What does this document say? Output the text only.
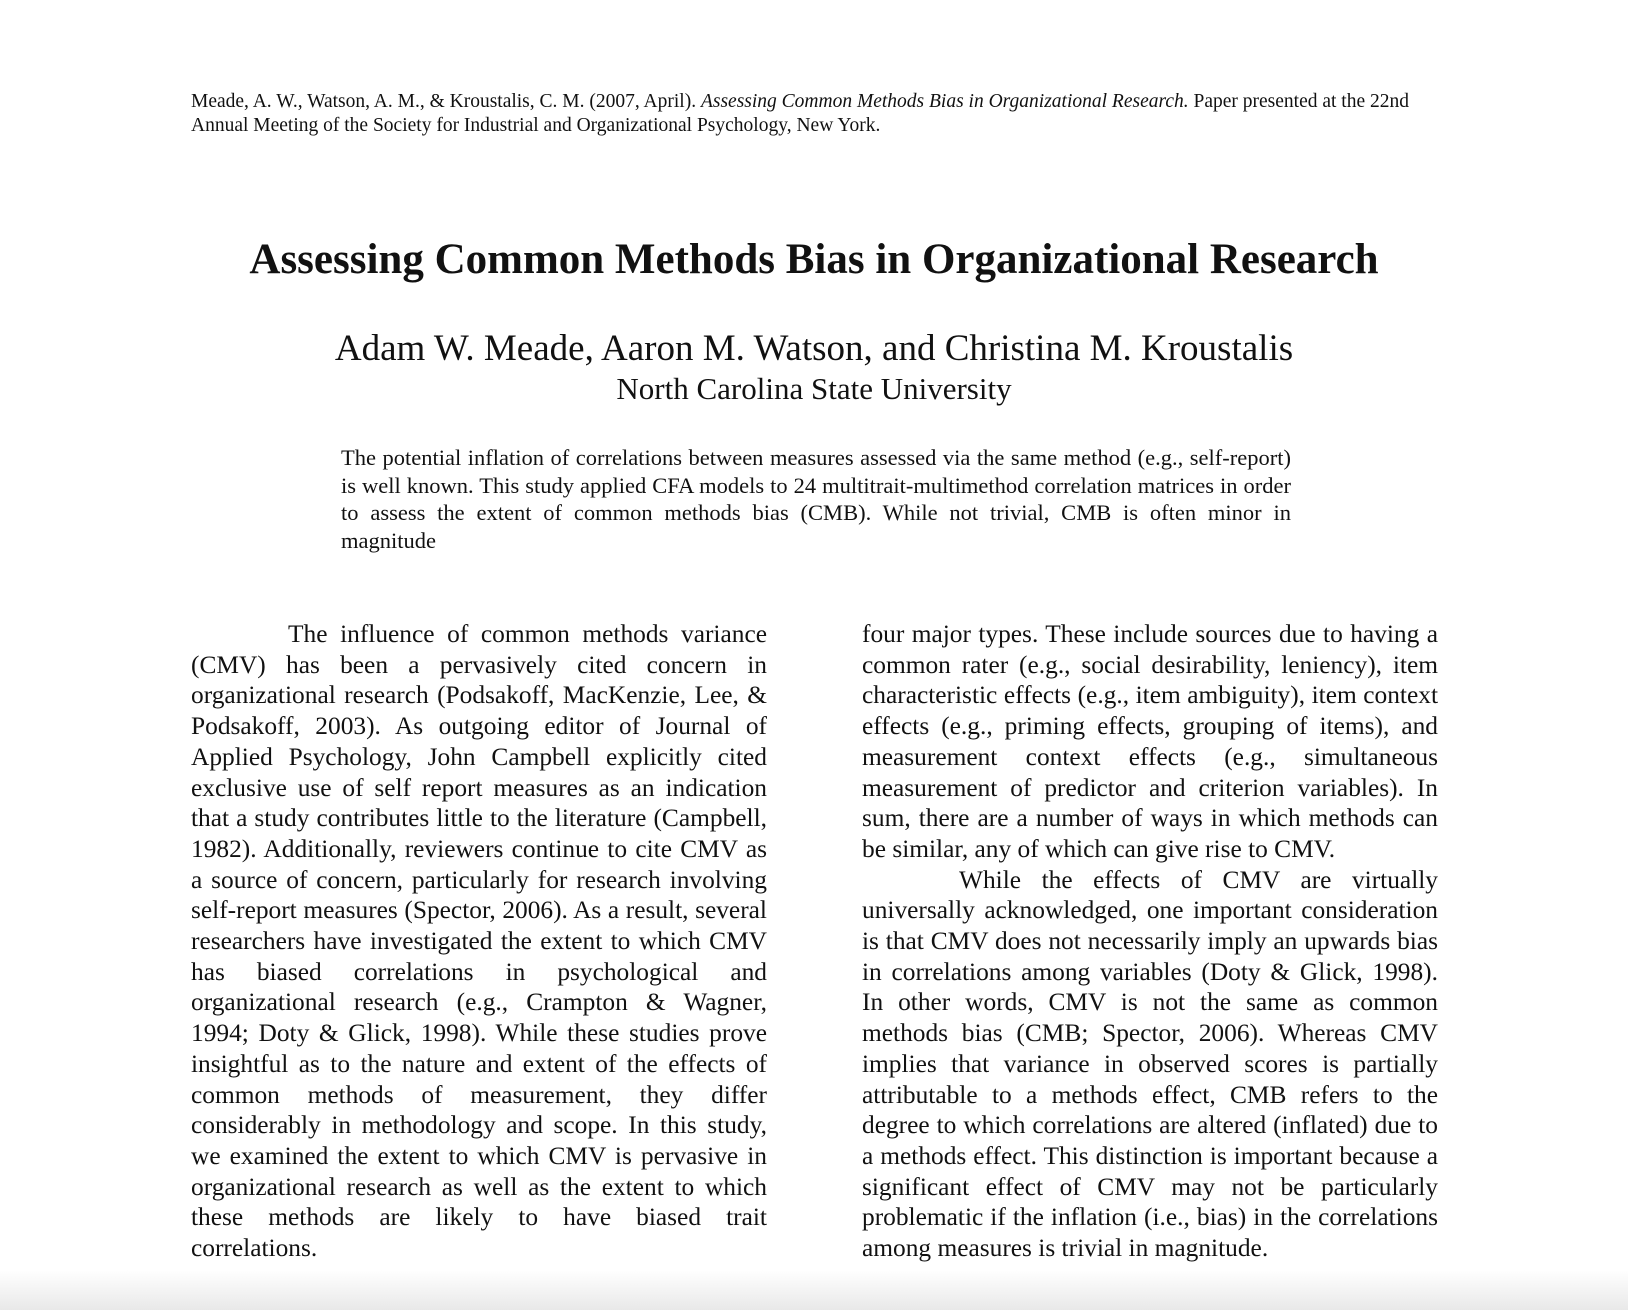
Meade, A. W., Watson, A. M., & Kroustalis, C. M. (2007, April). Assessing Common Methods Bias in Organizational Research. Paper presented at the 22nd Annual Meeting of the Society for Industrial and Organizational Psychology, New York.
Assessing Common Methods Bias in Organizational Research
Adam W. Meade, Aaron M. Watson, and Christina M. Kroustalis
North Carolina State University
The potential inflation of correlations between measures assessed via the same method (e.g., self-report) is well known. This study applied CFA models to 24 multitrait-multimethod correlation matrices in order to assess the extent of common methods bias (CMB). While not trivial, CMB is often minor in magnitude

The influence of common methods variance (CMV) has been a pervasively cited concern in organizational research (Podsakoff, MacKenzie, Lee, & Podsakoff, 2003). As outgoing editor of Journal of Applied Psychology, John Campbell explicitly cited exclusive use of self report measures as an indication that a study contributes little to the literature (Campbell, 1982). Additionally, reviewers continue to cite CMV as a source of concern, particularly for research involving self-report measures (Spector, 2006). As a result, several researchers have investigated the extent to which CMV has biased correlations in psychological and organizational research (e.g., Crampton & Wagner, 1994; Doty & Glick, 1998). While these studies prove insightful as to the nature and extent of the effects of common methods of measurement, they differ considerably in methodology and scope. In this study, we examined the extent to which CMV is pervasive in organizational research as well as the extent to which these methods are likely to have biased trait correlations.

four major types. These include sources due to having a common rater (e.g., social desirability, leniency), item characteristic effects (e.g., item ambiguity), item context effects (e.g., priming effects, grouping of items), and measurement context effects (e.g., simultaneous measurement of predictor and criterion variables). In sum, there are a number of ways in which methods can be similar, any of which can give rise to CMV.

While the effects of CMV are virtually universally acknowledged, one important consideration is that CMV does not necessarily imply an upwards bias in correlations among variables (Doty & Glick, 1998). In other words, CMV is not the same as common methods bias (CMB; Spector, 2006). Whereas CMV implies that variance in observed scores is partially attributable to a methods effect, CMB refers to the degree to which correlations are altered (inflated) due to a methods effect. This distinction is important because a significant effect of CMV may not be particularly problematic if the inflation (i.e., bias) in the correlations among measures is trivial in magnitude.
